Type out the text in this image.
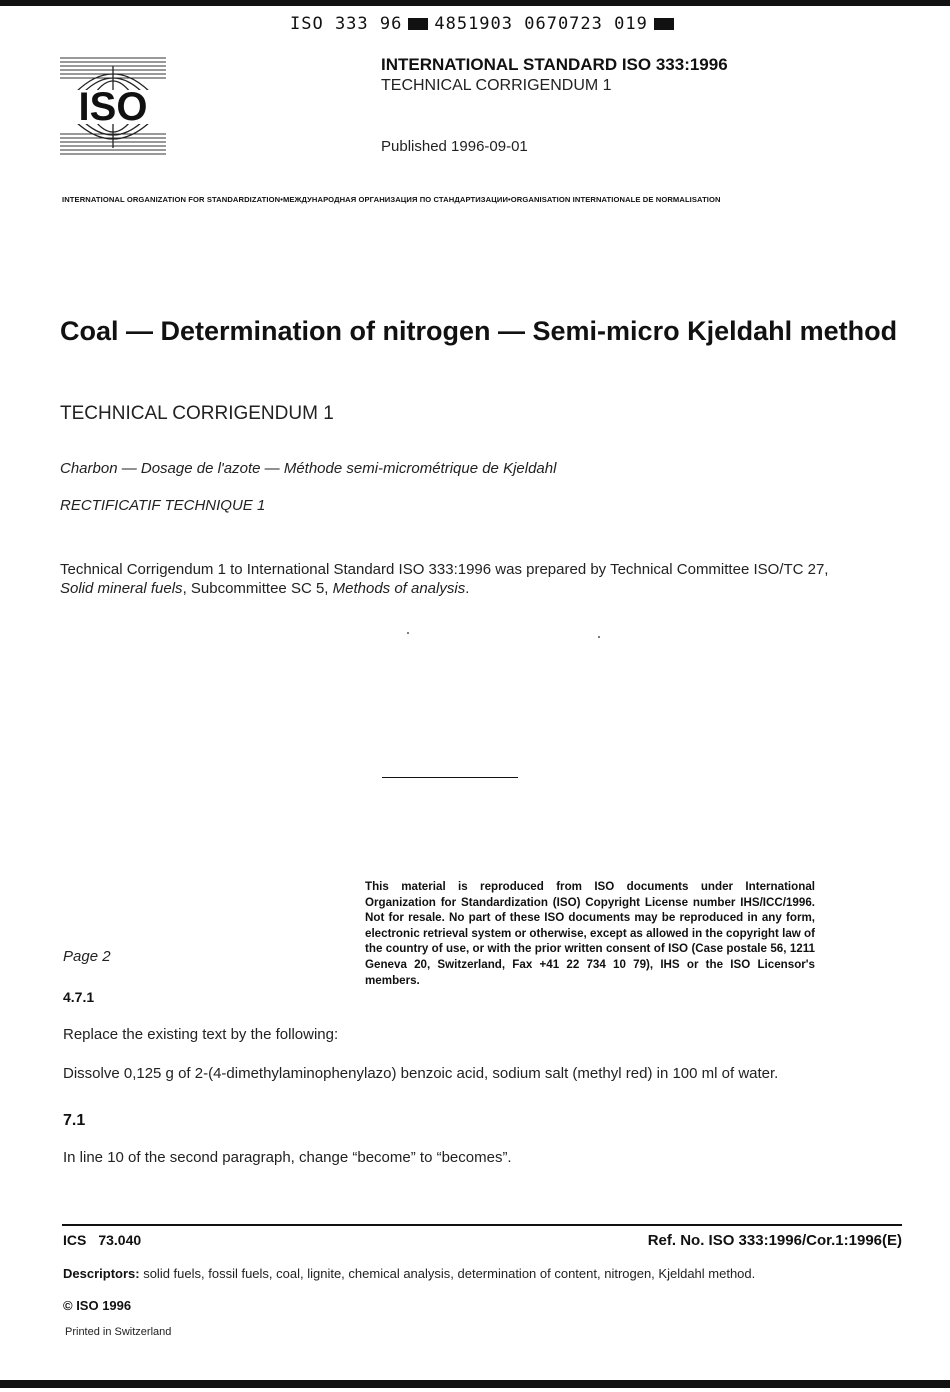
ISO 333 96 4851903 0670723 019
ISO
INTERNATIONAL STANDARD ISO 333:1996
TECHNICAL CORRIGENDUM 1
Published 1996-09-01
INTERNATIONAL ORGANIZATION FOR STANDARDIZATION•МЕЖДУНАРОДНАЯ ОРГАНИЗАЦИЯ ПО СТАНДАРТИЗАЦИИ•ORGANISATION INTERNATIONALE DE NORMALISATION
Coal — Determination of nitrogen — Semi-micro Kjeldahl method
TECHNICAL CORRIGENDUM 1
Charbon — Dosage de l'azote — Méthode semi-micrométrique de Kjeldahl
RECTIFICATIF TECHNIQUE 1
Technical Corrigendum 1 to International Standard ISO 333:1996 was prepared by Technical Committee ISO/TC 27,
Solid mineral fuels, Subcommittee SC 5, Methods of analysis.
This material is reproduced from ISO documents under International Organization for Standardization (ISO) Copyright License number IHS/ICC/1996. Not for resale. No part of these ISO documents may be reproduced in any form, electronic retrieval system or otherwise, except as allowed in the copyright law of the country of use, or with the prior written consent of ISO (Case postale 56, 1211 Geneva 20, Switzerland, Fax +41 22 734 10 79), IHS or the ISO Licensor's members.
Page 2
4.7.1
Replace the existing text by the following:
Dissolve 0,125 g of 2-(4-dimethylaminophenylazo) benzoic acid, sodium salt (methyl red) in 100 ml of water.
7.1
In line 10 of the second paragraph, change “become” to “becomes”.
ICS 73.040	Ref. No. ISO 333:1996/Cor.1:1996(E)
Descriptors: solid fuels, fossil fuels, coal, lignite, chemical analysis, determination of content, nitrogen, Kjeldahl method.
© ISO 1996
Printed in Switzerland
